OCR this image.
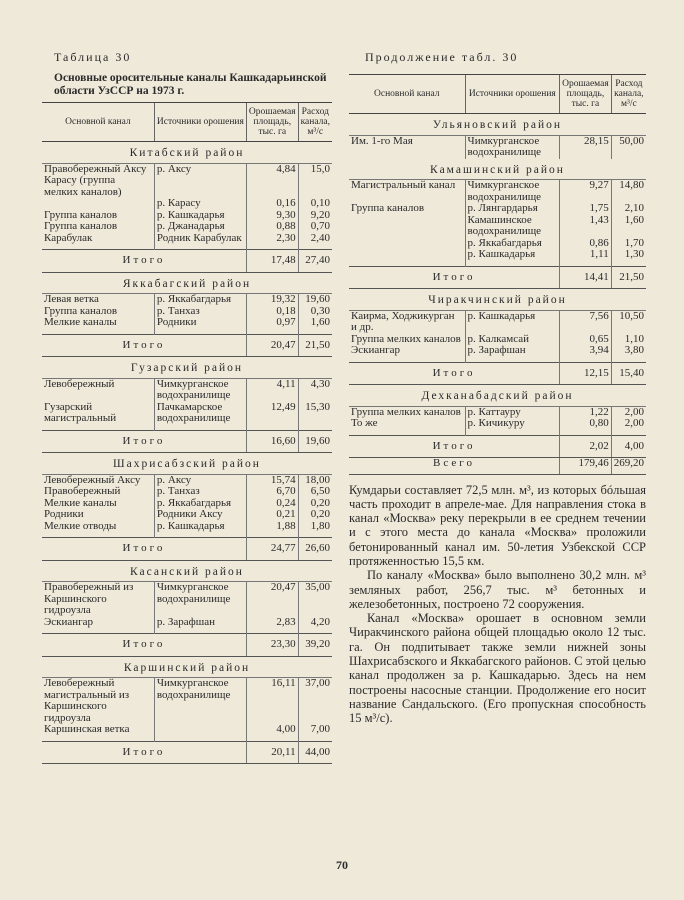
Таблица 30
Основные оросительные каналы Кашкадарьинской области УзССР на 1973 г.
Основной канал	Источники орошения	Орошаемая площадь, тыс. га	Расход канала, м³/с
Китабский район			
Правобережный Аксу	р. Аксу	4,84	15,0
Карасу (группа мелких каналов)			
	р. Карасу	0,16	0,10
Группа каналов	р. Кашкадарья	9,30	9,20
Группа каналов	р. Джанадарья	0,88	0,70
Карабулак	Родник Карабулак	2,30	2,40

Итого		17,48	27,40
Яккабагский район			
Левая ветка	р. Яккабагдарья	19,32	19,60
Группа каналов	р. Танхаз	0,18	0,30
Мелкие каналы	Родники	0,97	1,60

Итого		20,47	21,50
Гузарский район			
Левобережный	Чимкурганское водохранилище	4,11	4,30
Гузарский магистральный	Пачкамарское водохранилище	12,49	15,30

Итого		16,60	19,60
Шахрисабзский район			
Левобережный Аксу	р. Аксу	15,74	18,00
Правобережный	р. Танхаз	6,70	6,50
Мелкие каналы	р. Яккабагдарья	0,24	0,20
Родники	Родники Аксу	0,21	0,20
Мелкие отводы	р. Кашкадарья	1,88	1,80

Итого		24,77	26,60
Касанский район			
Правобережный из Каршинского гидроузла	Чимкурганское водохранилище	20,47	35,00
Эскиангар	р. Зарафшан	2,83	4,20

Итого		23,30	39,20
Каршинский район			
Левобережный магистральный из Каршинского гидроузла	Чимкурганское водохранилище	16,11	37,00
Каршинская ветка		4,00	7,00

Итого		20,11	44,00
Продолжение табл. 30
Основной канал	Источники орошения	Орошаемая площадь, тыс. га	Расход канала, м³/с
Ульяновский район			
Им. 1-го Мая	Чимкурганское водохранилище	28,15	50,00
Камашинский район			
Магистральный канал	Чимкурганское водохранилище	9,27	14,80
Группа каналов	р. Лянгардарья	1,75	2,10
	Камашинское водохранилище	1,43	1,60
	р. Яккабагдарья	0,86	1,70
	р. Кашкадарья	1,11	1,30

Итого		14,41	21,50
Чиракчинский район			
Каирма, Ходжикурган и др.	р. Кашкадарья	7,56	10,50
Группа мелких каналов	р. Калкамсай	0,65	1,10
Эскиангар	р. Зарафшан	3,94	3,80

Итого		12,15	15,40
Дехканабадский район			
Группа мелких каналов	р. Каттауру	1,22	2,00
То же	р. Кичикуру	0,80	2,00

Итого		2,02	4,00
Всего		179,46	269,20

Кумдарьи составляет 72,5 млн. м³, из которых бóльшая часть проходит в апреле-мае. Для направления стока в канал «Москва» реку перекрыли в ее среднем течении и с этого места до канала «Москва» проложили бетонированный канал им. 50-летия Узбекской ССР протяженностью 15,5 км.

По каналу «Москва» было выполнено 30,2 млн. м³ земляных работ, 256,7 тыс. м³ бетонных и железобетонных, построено 72 сооружения.

Канал «Москва» орошает в основном земли Чиракчинского района общей площадью около 12 тыс. га. Он подпитывает также земли нижней зоны Шахрисабзского и Яккабагского районов. С этой целью канал продолжен за р. Кашкадарью. Здесь на нем построены насосные станции. Продолжение его носит название Сандальского. (Его пропускная способность 15 м³/с).

70
